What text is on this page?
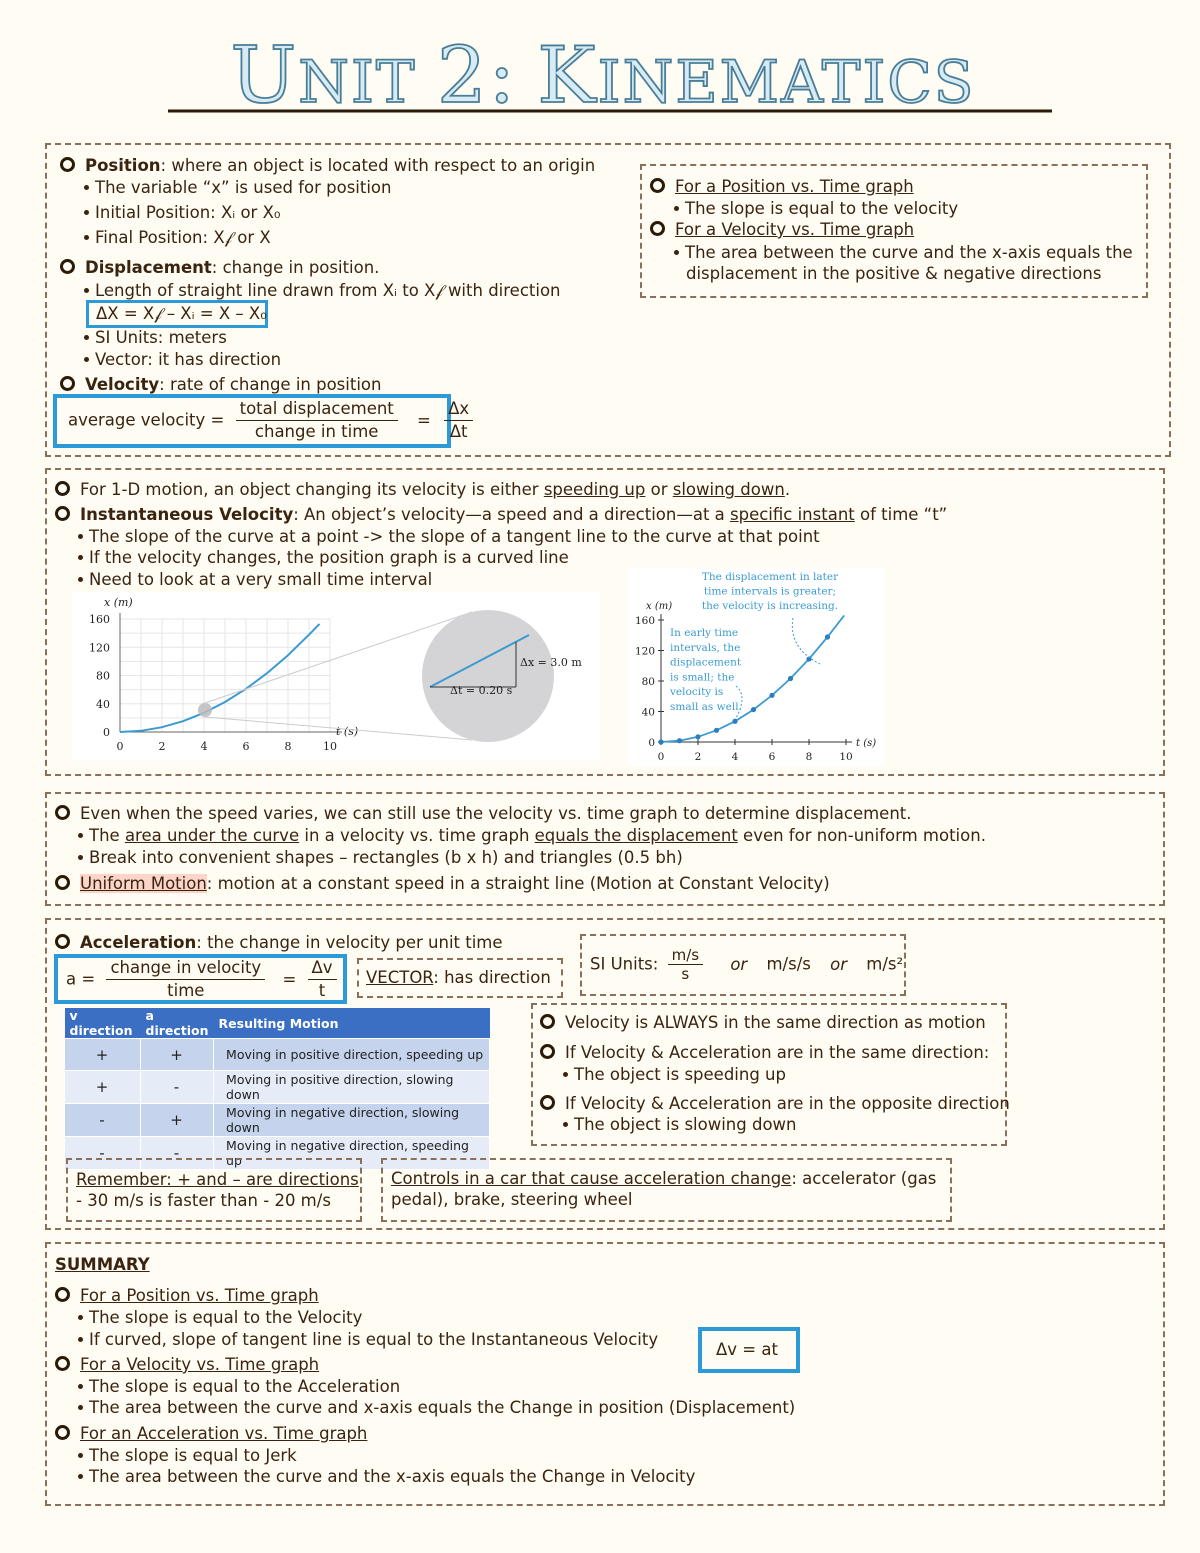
UNIT 2: KINEMATICS
Position: where an object is located with respect to an origin
The variable “x” is used for position
Initial Position: Xᵢ or X₀
Final Position: X𝒻 or X
Displacement: change in position.
Length of straight line drawn from Xᵢ to X𝒻 with direction
ΔX = X𝒻 – Xᵢ = X – X₀
SI Units: meters
Vector: it has direction
Velocity: rate of change in position
average velocity = $\frac{\text{total displacement}}{\text{change in time}} = \frac{\Delta x}{\Delta t}$
For a Position vs. Time graph
The slope is equal to the velocity
For a Velocity vs. Time graph
The area between the curve and the x-axis equals the
displacement in the positive & negative directions
For 1-D motion, an object changing its velocity is either speeding up or slowing down.
Instantaneous Velocity: An object’s velocity—a speed and a direction—at a specific instant of time “t”
The slope of the curve at a point -> the slope of a tangent line to the curve at that point
If the velocity changes, the position graph is a curved line
Need to look at a very small time interval
0
40
80
120
160
0	2	4	6	8	10
x (m)
t (s)
Δx = 3.0 m
Δt = 0.20 s
0
40
80
120
160
0	2	4	6	8	10
x (m)
t (s)
The displacement in later
time intervals is greater;
the velocity is increasing.
In early time
intervals, the
displacement
is small; the
velocity is
small as well.
Even when the speed varies, we can still use the velocity vs. time graph to determine displacement.
The area under the curve in a velocity vs. time graph equals the displacement even for non-uniform motion.
Break into convenient shapes – rectangles (b x h) and triangles (0.5 bh)
Uniform Motion: motion at a constant speed in a straight line (Motion at Constant Velocity)
Acceleration: the change in velocity per unit time
$a = \frac{\text{change in velocity}}{\text{time}} = \frac{\Delta v}{t}$ VECTOR: has direction
SI Units: $\frac{m/s}{s}$ or m/s/s or m/s²
v direction	a direction	Resulting Motion
+	+	Moving in positive direction, speeding up
+	-	Moving in positive direction, slowing down
-	+	Moving in negative direction, slowing down
-	-	Moving in negative direction, speeding up
Velocity is ALWAYS in the same direction as motion
If Velocity & Acceleration are in the same direction:
The object is speeding up
If Velocity & Acceleration are in the opposite direction
The object is slowing down
Remember: + and – are directions
- 30 m/s is faster than - 20 m/s
Controls in a car that cause acceleration change: accelerator (gas
pedal), brake, steering wheel
SUMMARY
For a Position vs. Time graph
The slope is equal to the Velocity
If curved, slope of tangent line is equal to the Instantaneous Velocity
For a Velocity vs. Time graph
The slope is equal to the Acceleration
The area between the curve and x-axis equals the Change in position (Displacement)
For an Acceleration vs. Time graph
The slope is equal to Jerk
The area between the curve and the x-axis equals the Change in Velocity
Δv = at
